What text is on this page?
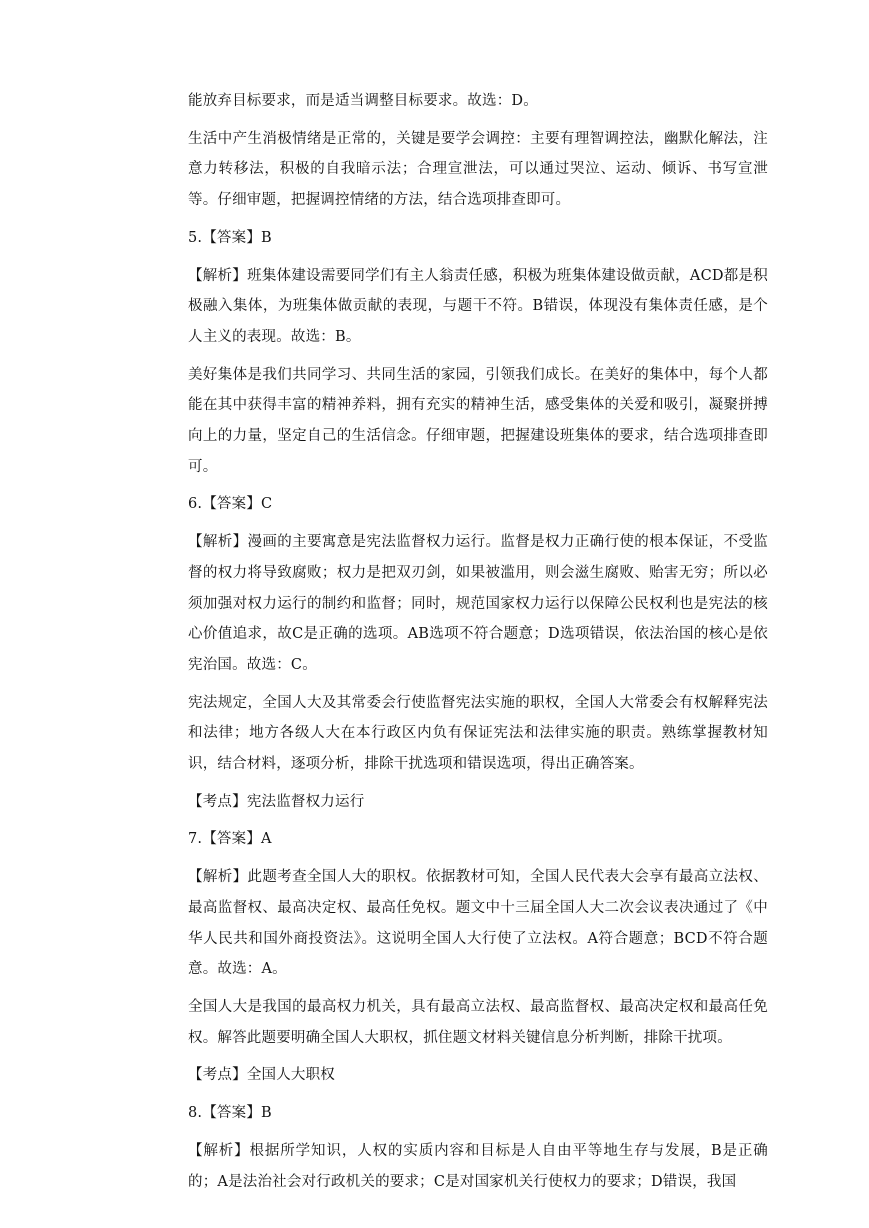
能放弃目标要求，而是适当调整目标要求。故选：D。

生活中产生消极情绪是正常的，关键是要学会调控：主要有理智调控法，幽默化解法，注意力转移法，积极的自我暗示法；合理宣泄法，可以通过哭泣、运动、倾诉、书写宣泄等。仔细审题，把握调控情绪的方法，结合选项排查即可。

5.【答案】B

【解析】班集体建设需要同学们有主人翁责任感，积极为班集体建设做贡献，ACD都是积极融入集体，为班集体做贡献的表现，与题干不符。B错误，体现没有集体责任感，是个人主义的表现。故选：B。

美好集体是我们共同学习、共同生活的家园，引领我们成长。在美好的集体中，每个人都能在其中获得丰富的精神养料，拥有充实的精神生活，感受集体的关爱和吸引，凝聚拼搏向上的力量，坚定自己的生活信念。仔细审题，把握建设班集体的要求，结合选项排查即可。

6.【答案】C

【解析】漫画的主要寓意是宪法监督权力运行。监督是权力正确行使的根本保证，不受监督的权力将导致腐败；权力是把双刃剑，如果被滥用，则会滋生腐败、贻害无穷；所以必须加强对权力运行的制约和监督；同时，规范国家权力运行以保障公民权利也是宪法的核心价值追求，故C是正确的选项。AB选项不符合题意；D选项错误，依法治国的核心是依宪治国。故选：C。

宪法规定，全国人大及其常委会行使监督宪法实施的职权，全国人大常委会有权解释宪法和法律；地方各级人大在本行政区内负有保证宪法和法律实施的职责。熟练掌握教材知识，结合材料，逐项分析，排除干扰选项和错误选项，得出正确答案。

【考点】宪法监督权力运行

7.【答案】A

【解析】此题考查全国人大的职权。依据教材可知，全国人民代表大会享有最高立法权、最高监督权、最高决定权、最高任免权。题文中十三届全国人大二次会议表决通过了《中华人民共和国外商投资法》。这说明全国人大行使了立法权。A符合题意；BCD不符合题意。故选：A。

全国人大是我国的最高权力机关，具有最高立法权、最高监督权、最高决定权和最高任免权。解答此题要明确全国人大职权，抓住题文材料关键信息分析判断，排除干扰项。

【考点】全国人大职权

8.【答案】B

【解析】根据所学知识，人权的实质内容和目标是人自由平等地生存与发展，B是正确的；A是法治社会对行政机关的要求；C是对国家机关行使权力的要求；D错误，我国
